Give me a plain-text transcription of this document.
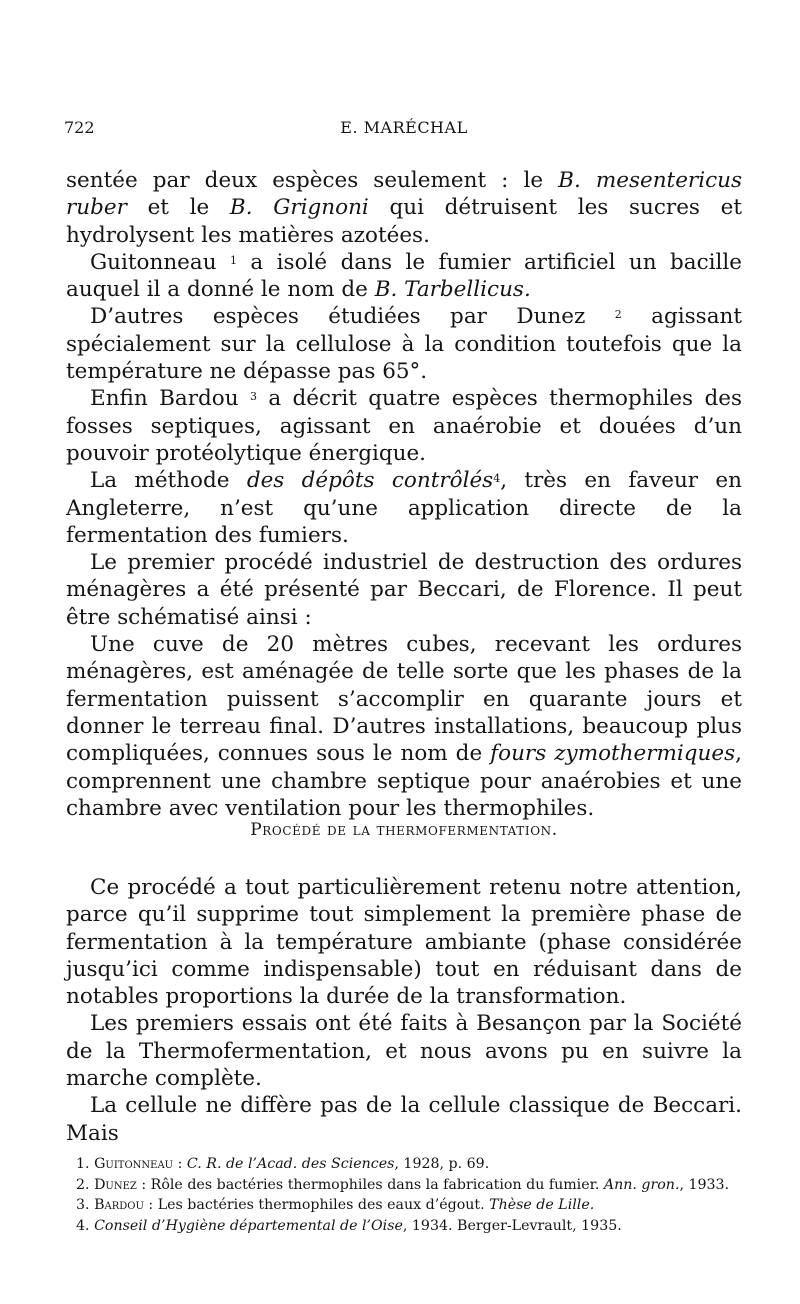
722	E. MARÉCHAL

sentée par deux espèces seulement : le B. mesentericus ruber et le B. Grignoni qui détruisent les sucres et hydrolysent les matières azotées.

Guitonneau $^1$ a isolé dans le fumier artificiel un bacille auquel il a donné le nom de B. Tarbellicus.

D’autres espèces étudiées par Dunez $^2$ agissant spécialement sur la cellulose à la condition toutefois que la température ne dépasse pas 65°.

Enfin Bardou $^3$ a décrit quatre espèces thermophiles des fosses septiques, agissant en anaérobie et douées d’un pouvoir protéolytique énergique.

La méthode des dépôts contrôlés$^4$, très en faveur en Angleterre, n’est qu’une application directe de la fermentation des fumiers.

Le premier procédé industriel de destruction des ordures ménagères a été présenté par Beccari, de Florence. Il peut être schématisé ainsi :

Une cuve de 20 mètres cubes, recevant les ordures ménagères, est aménagée de telle sorte que les phases de la fermentation puissent s’accomplir en quarante jours et donner le terreau final. D’autres installations, beaucoup plus compliquées, connues sous le nom de fours zymothermiques, comprennent une chambre septique pour anaérobies et une chambre avec ventilation pour les thermophiles.

Procédé de la thermofermentation.

Ce procédé a tout particulièrement retenu notre attention, parce qu’il supprime tout simplement la première phase de fermentation à la température ambiante (phase considérée jusqu’ici comme indispensable) tout en réduisant dans de notables proportions la durée de la transformation.

Les premiers essais ont été faits à Besançon par la Société de la Thermofermentation, et nous avons pu en suivre la marche complète.

La cellule ne diffère pas de la cellule classique de Beccari. Mais

1. Guitonneau : C. R. de l’Acad. des Sciences, 1928, p. 69.

2. Dunez : Rôle des bactéries thermophiles dans la fabrication du fumier. Ann. gron., 1933.

3. Bardou : Les bactéries thermophiles des eaux d’égout. Thèse de Lille.

4. Conseil d’Hygiène départemental de l’Oise, 1934. Berger-Levrault, 1935.
